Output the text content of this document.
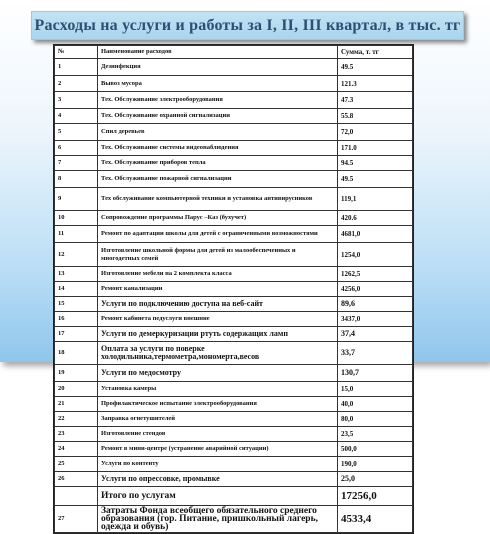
Расходы на услуги и работы за I, II, III квартал, в тыс. тг
№	Наименование расходов	Сумма, т. тг
1	Дезинфекция	49.5
2	Вывоз мусора	121.3
3	Тех. Обслуживание электрооборудования	47.3
4	Тех. Обслуживание охранной сигнализации	55.8
5	Спил деревьев	72,0
6	Тех. Обслуживание системы видеонаблюдения	171.0
7	Тех. Обслуживание приборов тепла	94.5
8	Тех. Обслуживание пожарной сигнализации	49.5
9	Тех обслуживание компьютерной техники и установка антивирусников	119,1
10	Сопровождение программы Парус –Каз (бухучет)	420.6
11	Ремонт по адаптации школы для детей с ограниченными возможностями	4681,0
12	Изготовление школьной формы для детей из малообеспеченных и многодетных семей	1254,0
13	Изготовление мебели на 2 комплекта класса	1262,5
14	Ремонт канализации	4256,0
15	Услуги по подключению доступа на веб-сайт	89,6
16	Ремонт кабинета педуслуги внешние	3437,0
17	Услуги по демеркуризации ртуть содержащих ламп	37,4
18	Оплата за услуги по поверке холодильника,термометра,мономерта,весов	33,7
19	Услуги по медосмотру	130,7
20	Установка камеры	15,0
21	Профилактическое испытание электрооборудования	40,0
22	Заправка огнетушителей	80,0
23	Изготовление стендов	23,5
24	Ремонт в мини-центре (устранение аварийной ситуации)	500,0
25	Услуги по контенту	190,0
26	Услуги по опрессовке, промывке	25,0
	Итого по услугам	17256,0
27	Затраты Фонда всеобщего обязательного среднего образования (гор. Питание, пришкольный лагерь, одежда и обувь)	4533,4
